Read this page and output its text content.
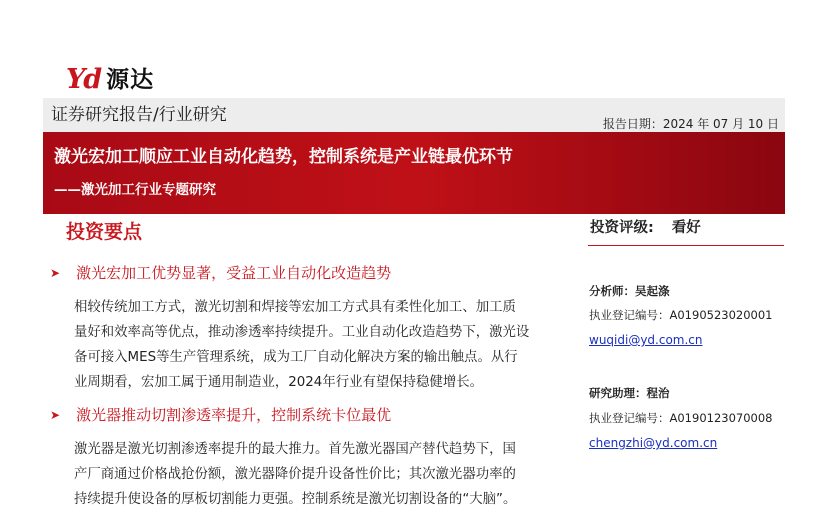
Yd 源达
证券研究报告/行业研究	报告日期：2024 年 07 月 10 日
激光宏加工顺应工业自动化趋势，控制系统是产业链最优环节
——激光加工行业专题研究
投资要点
➤ 激光宏加工优势显著，受益工业自动化改造趋势
相较传统加工方式，激光切割和焊接等宏加工方式具有柔性化加工、加工质
量好和效率高等优点，推动渗透率持续提升。工业自动化改造趋势下，激光设
备可接入MES等生产管理系统，成为工厂自动化解决方案的输出触点。从行
业周期看，宏加工属于通用制造业，2024年行业有望保持稳健增长。
➤ 激光器推动切割渗透率提升，控制系统卡位最优
激光器是激光切割渗透率提升的最大推力。首先激光器国产替代趋势下，国
产厂商通过价格战抢份额，激光器降价提升设备性价比；其次激光器功率的
持续提升使设备的厚板切割能力更强。控制系统是激光切割设备的“大脑”。
投资评级: 看好
分析师：吴起涤
执业登记编号：A0190523020001
wuqidi@yd.com.cn
研究助理：程治
执业登记编号：A0190123070008
chengzhi@yd.com.cn
